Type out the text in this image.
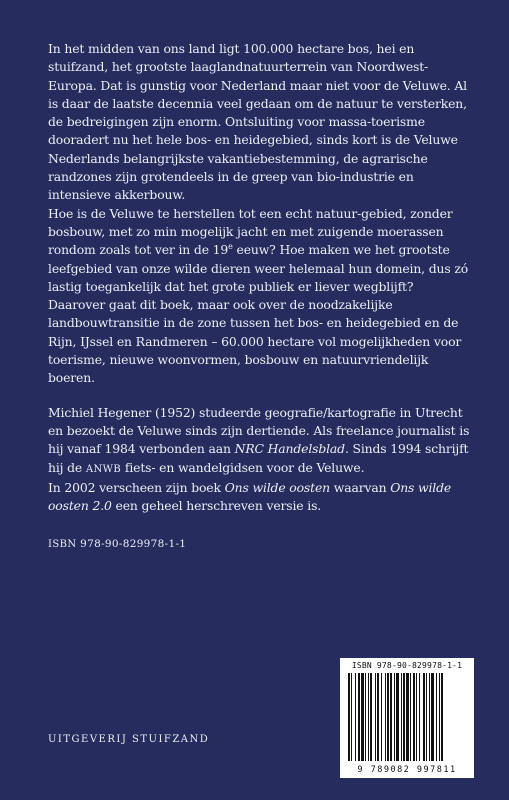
In het midden van ons land ligt 100.000 hectare bos, hei en stuifzand, het grootste laaglandnatuurterrein van Noordwest-Europa. Dat is gunstig voor Nederland maar niet voor de Veluwe. Al is daar de laatste decennia veel gedaan om de natuur te versterken, de bedreigingen zijn enorm. Ontsluiting voor massa-toerisme dooradert nu het hele bos- en heidegebied, sinds kort is de Veluwe Nederlands belangrijkste vakantiebestemming, de agrarische randzones zijn grotendeels in de greep van bio-industrie en intensieve akkerbouw.

Hoe is de Veluwe te herstellen tot een echt natuur-gebied, zonder bosbouw, met zo min mogelijk jacht en met zuigende moerassen rondom zoals tot ver in de 19e eeuw? Hoe maken we het grootste leefgebied van onze wilde dieren weer helemaal hun domein, dus zó lastig toegankelijk dat het grote publiek er liever wegblijft?

Daarover gaat dit boek, maar ook over de noodzakelijke landbouwtransitie in de zone tussen het bos- en heidegebied en de Rijn, IJssel en Randmeren – 60.000 hectare vol mogelijkheden voor toerisme, nieuwe woonvormen, bosbouw en natuurvriendelijk boeren.

Michiel Hegener (1952) studeerde geografie/kartografie in Utrecht en bezoekt de Veluwe sinds zijn dertiende. Als freelance journalist is hij vanaf 1984 verbonden aan NRC Handelsblad. Sinds 1994 schrijft hij de ANWB fiets- en wandelgidsen voor de Veluwe.

In 2002 verscheen zijn boek Ons wilde oosten waarvan Ons wilde oosten 2.0 een geheel herschreven versie is.

ISBN 978-90-829978-1-1

UITGEVERIJ STUIFZAND
ISBN 978-90-829978-1-1
9 789082 997811
